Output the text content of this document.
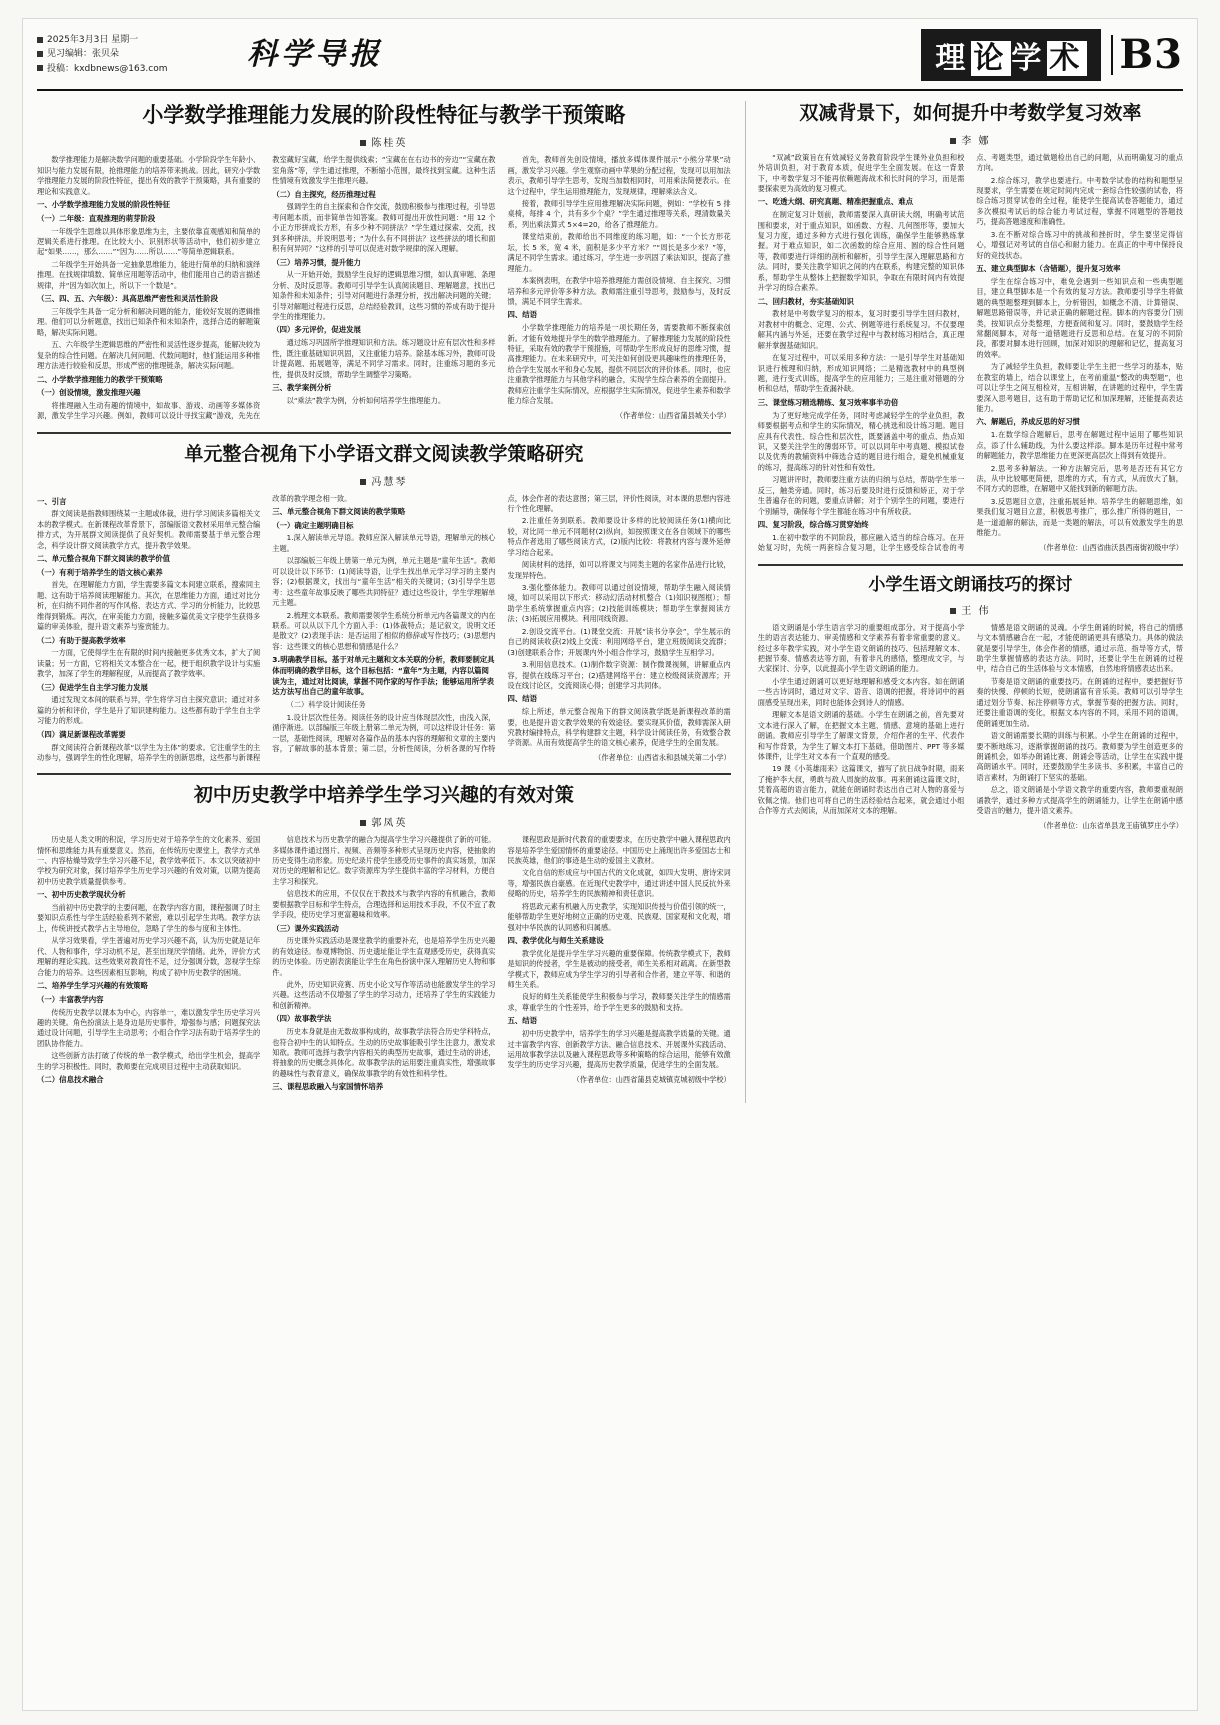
2025年3月3日 星期一
见习编辑：张贝朵
投稿：kxdbnews@163.com	科学导报	理论学术 B3
小学数学推理能力发展的阶段性特征与教学干预策略
陈桂英

数学推理能力是解决数学问题的重要基础。小学阶段学生年龄小、知识与能力发展有限，抢推理能力的培养带来挑战。因此，研究小学数学推理能力发展的阶段性特征，提出有效的教学干预策略，具有重要的理论和实践意义。

一、小学数学推理能力发展的阶段性特征

（一）二年级：直观推理的萌芽阶段

一年级学生思维以具体形象思维为主，主要依靠直观感知和简单的逻辑关系进行推理。在比较大小、识别形状等活动中，他们初步建立起“如果……，那么……”“因为……所以……”等简单逻辑联系。

二年级学生开始具备一定抽象思维能力，能进行简单的归纳和演绎推理。在找规律填数、简单应用题等活动中，他们能用自己的语言描述规律，并“因为如次加上，所以下一个数是”。

（三、四、五、六年级）：具高思维严密性和灵活性阶段

三年级学生具备一定分析和解决问题的能力，能较好发展的逻辑推理。他们可以分析题意，找出已知条件和未知条件，选择合适的解题策略，解决实际问题。

五、六年级学生逻辑思维的严密性和灵活性逐步提高，能解决较为复杂的综合性问题。在解决几何问题、代数问题时，他们能运用多种推理方法进行较验和反思，形成严密的推理链条，解决实际问题。

二、小学数学推理能力的教学干预策略

（一）创设情境，激发推理兴趣

将推理融入生动有趣的情境中，如故事、游戏、动画等多媒体资源，激发学生学习兴趣。例如，教师可以设计寻找宝藏”游戏，先先在教室藏好宝藏，给学生提供线索；“宝藏在在右边书的旁边”“宝藏在教室角落”等，学生通过推理，不断缩小范围，最终找到宝藏。这种生活性情境有效激发学生推理兴趣。

（二）自主探究，经历推理过程

强调学生的自主探索和合作交流，鼓励积极参与推理过程，引导思考问题本质，而非简单告知答案。教师可提出开放性问题：“用 12 个小正方形拼成长方形，有多少种不同拼法？”学生通过探索、交流，找到多种拼法，并说明思考；“为什么有不同拼法？这些拼法的增长和面积有何异同？”这样的引导可以促进对数学规律的深入理解。

（三）培养习惯，提升能力

从一开始开始，鼓励学生良好的逻辑思维习惯，如认真审题、条理分析、及时反思等。教师可引导学生认真阅读题目、理解题意，找出已知条件和未知条件；引导对问题进行条理分析，找出解决问题的关键；引导对解题过程进行反思，总结经验教训，这些习惯的养成有助于提升学生的推理能力。

（四）多元评价，促进发展

通过练习巩固所学推理知识和方法。练习题设计应有层次性和多样性，既注重基础知识巩固，又注重能力培养。除基本练习外，教师可设计提高题、拓展题等，满足不同学习需求。同时，注重练习题的多元性，提供及时反馈，帮助学生调整学习策略。

三、教学案例分析

以“乘法”教学为例，分析如何培养学生推理能力。

首先，教师首先创设情境，播放多媒体课件展示“小熊分苹果”动画，激发学习兴趣。学生观察动画中苹果的分配过程，发现可以用加法表示，教师引导学生思考，发现当加数相同时，可用乘法简便表示。在这个过程中，学生运用推理能力，发现规律，理解乘法含义。

接着，教师引导学生应用推理解决实际问题，例如：“学校有 5 排桌椅，每排 4 个，共有多少个桌？”学生通过推理等关系，理清数量关系，列出乘法算式 5×4=20，给各了推理能力。

课堂结束前，教师给出不同维度的练习题，如：“一个长方形花坛，长 5 米，宽 4 米，面积是多少平方米？”“周长是多少米？”等，满足不同学生需求。通过练习，学生进一步巩固了乘法知识，提高了推理能力。

本案例表明，在教学中培养推理能力需创设情境、自主探究、习惯培养和多元评价等多种方法。教师需注重引导思考，鼓励参与，及时反馈，满足不同学生需求。

四、结语

小学数学推理能力的培养是一项长期任务，需要教师不断探索创新。才能有效地提升学生的数学推理能力。了解推理能力发展的阶段性特征，采取有效的教学干预措施，可帮助学生形成良好的思维习惯，提高推理能力。在未来研究中，可关注如何创设更具趣味性的推理任务，给合学生发展水平和身心发展，提供不同层次的评价体系。同时，也应注重教学推理能力与其他学科的融合，实现学生综合素养的全面提升。教师应注重学生实际情况，应根据学生实际情况，促进学生素养和数学能力综合发展。

（作者单位：山西省蒲县城关小学）

单元整合视角下小学语文群文阅读教学策略研究
冯慧琴

一、引言

群文阅读是指教师围绕某一主题或体裁，进行学习阅读多篇相关文本的教学模式。在新课程改革背景下，部编版语文教材采用单元整合编排方式，为开展群文阅读提供了良好契机。教师需要基于单元整合理念，科学设计群文阅读教学方式，提升教学效果。

二、单元整合视角下群文阅读的教学价值

（一）有利于培养学生的语文核心素养

首先，在理解能力方面，学生需要多篇文本间建立联系，搜索同主题、这有助于培养阅读理解能力。其次，在思维能力方面，通过对比分析，在归纳不同作者的写作风格、表达方式、学习的分析能力，比较思维得到锻炼。再次，在审美能力方面，接触多篇优美文字使学生获得多篇的审美体验，提升语文素养与鉴赏能力。

（二）有助于提高教学效率

一方面，它使得学生在有限的时间内接触更多优秀文本，扩大了阅读量；另一方面，它将相关文本整合在一起，便于组织教学设计与实施教学，加深了学生的理解程度，从而提高了教学效率。

（三）促进学生自主学习能力发展

通过发现文本间的联系与异，学生将学习自主探究意识；通过对多篇的分析和评价，学生是升了知识建构能力。这些都有助于学生自主学习能力的形成。

（四）满足新课程改革需要

群文阅读符合新课程改革“以学生为主体”的要求。它注重学生的主动参与，强调学生的性化理解，培养学生的创新思维，这些都与新课程改革的教学理念相一致。

三、单元整合视角下群文阅读的教学策略

（一）确定主题明确目标

1.深入解读单元导语。教师应深入解读单元导语，理解单元的核心主题。

以部编版三年级上册第一单元为例，单元主题是“童年生活”。教师可以设计以下环节：(1)阅读导语，让学生找出单元学习学习的主要内容；(2)根据课文，找出与“童年生活”相关的关键词；(3)引导学生思考：这些童年故事反映了哪些共同特征？通过这些设计，学生学理解单元主题。

2.梳理文本联系。教师需要领学生系统分析单元内各篇课文的内在联系。可以从以下几个方面入手：(1)体裁特点；是记叙文，说明文还是散文？(2)表现手法：是否运用了相似的修辞或写作技巧；(3)思想内容：这些课文的核心思想和情感是什么？

3.明确教学目标。基于对单元主题和文本关联的分析，教师要制定具体而明确的教学目标，这个目标包括：“童年”为主题，内容以篇阅读为主，通过对比阅读，掌握不同作家的写作手法；能够运用所学表达方法写出自己的童年故事。

（二）科学设计阅读任务

1.设计层次性任务。阅读任务的设计应当体现层次性，由浅入深，循序渐进。以部编版三年级上册第二单元为例，可以这样设计任务：第一层，基础性阅读，理解对各篇作品的基本内容的理解和文章的主要内容，了解故事的基本背景；第二层，分析性阅读，分析各课的写作特点，体会作者的表达意图；第三层，评价性阅读，对本课的思想内容进行个性化理解。

2.注重任务到联系。教师要设计多样的比较阅读任务(1)横向比较，对比同一单元不同题材(2)纵向，如按照课文在各自领域下的哪些特点作者选用了哪些阅读方式，(2)版内比较：将教材内容与课外延伸学习结合起来。

阅读材料的选择，如可以将课文与同类主题的名家作品进行比较，发现异特色。

3.强化整体能力。教师可以通过创设情境，帮助学生融入阅读情境，如可以采用以下形式：移动幻活动材机整合（1)知识视图框）；帮助学生系统掌握重点内容；(2)技能训练模块；帮助学生掌握阅读方法；(3)拓展应用模块。利用同线资源。

2.创设交流平台。(1)课堂交流：开展“读书分享会”，学生展示的自己的阅读收获(2)线上交流：利用网络平台，建立班级阅读交流群；(3)创建联系合作；开展课内外小组合作学习，鼓励学生互相学习。

3.利用信息技术。(1)制作数字资源：制作微课视频，讲解重点内容，提供在线练习平台；(2)搭建网络平台：建立校级阅读资源库；开设在线讨论区，交流阅读心得；创建学习共同体。

四、结语

综上所述，单元整合视角下的群文阅读教学既是新课程改革的需要，也是提升语文教学效果的有效途径。要实现其价值，教师需深入研究教材编排特点，科学构建群文主题，科学设计阅读任务，有效整合教学资源。从而有效提高学生的语文核心素养，促进学生的全面发展。

（作者单位：山西省永和县城关第二小学）

初中历史教学中培养学生学习兴趣的有效对策
郭凤英

历史是人类文明的积淀，学习历史对于培养学生的文化素养、爱国情怀和思维能力具有重要意义。然而，在传统历史课堂上，教学方式单一、内容枯燥导致学生学习兴趣不足，教学效率低下。本文以突破初中学校为研究对象，探讨培养学生历史学习兴趣的有效对策，以期为提高初中历史教学质量提供参考。

一、初中历史教学现状分析

当前初中历史教学的主要问题，在教学内容方面，课程强调了时主要知识点系性与学生活经验系列不紧密，难以引起学生共鸣。教学方法上，传统讲授式教学占主导地位，忽略了学生的参与度和主体性。

从学习效果看，学生普遍对历史学习兴趣不高，认为历史就是记年代、人物和事件，学习动机不足，甚至出现厌学情绪。此外，评价方式理解的理论实践。这些效果对教育性不足，过分强调分数，忽视学生综合能力的培养。这些因素相互影响，构成了初中历史教学的困境。

二、培养学生学习兴趣的有效策略

（一）丰富教学内容

传统历史教学以课本为中心，内容单一，难以激发学生历史学习兴趣的关键。角色扮演法上是身边是历史事件，增强参与感；问题探究法通过设计问题，引导学生主动思考；小组合作学习法有助于培养学生的团队协作能力。

这些创新方法打破了传统的单一教学模式，给出学生机会，提高学生的学习积极性。同时，教师要在完成项目过程中主动获取知识。

（二）信息技术融合

信息技术与历史教学的融合为提高学生学习兴趣提供了新的可能。多媒体课件通过图片、视频、音频等多种形式呈现历史内容，使抽象的历史变得生动形象。历史纪录片使学生感受历史事件的真实场景，加深对历史的理解和记忆。数字资源库为学生提供丰富的学习材料，方便自主学习和探究。

信息技术的应用，不仅仅在于教技术与教学内容的有机融合，教师要根据教学目标和学生特点，合理选择和运用技术手段，不仅不宜了教学手段，使历史学习更富趣味和效率。

（三）课外实践活动

历史课外实践活动是课堂教学的重要补充，也是培养学生历史兴趣的有效途径。参观博物馆、历史遗址能让学生直观感受历史，获得真实的历史体验。历史剧表演能让学生在角色扮演中深入理解历史人物和事件。

此外，历史知识竞赛、历史小论文写作等活动也能激发学生的学习兴趣。这些活动不仅增强了学生的学习动力，还培养了学生的实践能力和创新精神。

（四）故事教学法

历史本身就是由无数故事构成的，故事教学法符合历史学科特点，也符合初中生的认知特点。生动的历史故事能吸引学生注意力，激发求知欲。教师可选择与教学内容相关的典型历史故事，通过生动的讲述，将抽象的历史概念具体化。故事教学法的运用要注重真实性，增强故事的趣味性与教育意义，确保故事教学的有效性和科学性。

三、课程思政融入与家国情怀培养

课程思政是新时代教育的重要要求，在历史教学中融入课程思政内容是培养学生爱国情怀的重要途径。中国历史上涌现出许多爱国志士和民族英雄，他们的事迹是生动的爱国主义教材。

文化自信的形成应与中国古代的文化成就，如四大发明、唐诗宋词等，增强民族自豪感。在近现代史教学中，通过讲述中国人民反抗外来侵略的历史，培养学生的民族精神和责任意识。

将思政元素有机融入历史教学，实现知识传授与价值引领的统一，能够帮助学生更好地树立正确的历史观、民族观、国家观和文化观，增强对中华民族的认同感和归属感。

四、教学优化与师生关系建设

教学优化是提升学生学习兴趣的重要保障。传统教学模式下，教师是知识的传授者，学生是被动的接受者，师生关系相对疏离。在新型教学模式下，教师应成为学生学习的引导者和合作者，建立平等、和谐的师生关系。

良好的师生关系能使学生积极参与学习，教师要关注学生的情感需求，尊重学生的个性差异，给予学生更多的鼓励和支持。

五、结语

初中历史教学中，培养学生的学习兴趣是提高教学质量的关键。通过丰富教学内容、创新教学方法、融合信息技术、开展课外实践活动、运用故事教学法以及融入课程思政等多种策略的综合运用，能够有效激发学生的历史学习兴趣，提高历史教学质量，促进学生的全面发展。

（作者单位：山西省蒲县克城镇克城初级中学校）

双减背景下，如何提升中考数学复习效率
李 娜

“双减”政策旨在有效减轻义务教育阶段学生课外业负担和校外培训负担，对于教育本质，促进学生全面发展。在这一背景下，中考数学复习不能再依赖题海战术和长时间的学习，而是需要探索更为高效的复习模式。

一、吃透大纲、研究真题、精准把握重点、难点

在制定复习计划前，教师需要深入真研读大纲，明确考试范围和要求，对于重点知识，如函数、方程、几何图形等，要加大复习力度，通过多种方式进行强化训练，确保学生能够熟练掌握。对于难点知识，如二次函数的综合应用、圆的综合性问题等，教师要进行详细的剖析和解析，引导学生深入理解思路和方法。同时，要关注教学知识之间的内在联系，构建完整的知识体系，帮助学生从整体上把握数学知识，争取在有限时间内有效提升学习的综合素养。

二、回归教材，夯实基础知识

教材是中考数学复习的根本，复习时要引导学生回归教材，对教材中的概念、定理、公式、例题等进行系统复习。不仅要理解其内涵与外延，还要在教学过程中与教材练习相结合，真正理解并掌握基础知识。

在复习过程中，可以采用多种方法：一是引导学生对基础知识进行梳理和归纳，形成知识网络；二是精选教材中的典型例题，进行变式训练，提高学生的应用能力；三是注重对错题的分析和总结，帮助学生查漏补缺。

三、课堂练习精选精练、复习效率事半功倍

为了更好地完成学任务，同时考虑减轻学生的学业负担，教师要根据考点和学生的实际情况，精心挑选和设计练习题。题目应具有代表性、综合性和层次性，既要涵盖中考的重点、热点知识，又要关注学生的薄弱环节。可以以同年中考真题、模拟试卷以及优秀的教辅资料中筛选合适的题目进行组合，避免机械重复的练习，提高练习的针对性和有效性。

习题讲评时，教师要注重方法的归纳与总结，帮助学生举一反三，触类旁通。同时，练习后要及时进行反馈和矫正，对于学生普遍存在的问题，要重点讲解；对于个别学生的问题，要进行个别辅导，确保每个学生都能在练习中有所收获。

四、复习阶段，综合练习贯穿始终

1.在初中数学的不同阶段，都应融入适当的综合练习。在开始复习时，先统一两套综合复习题，让学生感受综合试卷的考点、考题类型，通过做题检出自己的问题，从而明确复习的重点方向。

2.综合练习，教学也要进行。中考数学试卷的结构和题型呈现要求，学生需要在规定时间内完成一套综合性较强的试卷，将综合练习贯穿试卷的全过程，能使学生提高试卷答题能力，通过多次模拟考试后的综合能力考试过程，掌握不同题型的答题技巧，提高答题速度和准确性。

3.在不断对综合练习中的挑战和挫折时，学生要坚定得信心，增强记对考试的自信心和耐力能力。在真正的中考中保持良好的竞技状态。

五、建立典型脚本（含错题），提升复习效率

学生在综合练习中，难免会遇到一些知识点和一些典型题目，建立典型脚本是一个有效的复习方法。教师要引导学生将做题的典型题整理到脚本上，分析错因，如概念不清、计算错误、解题思路错误等，并记录正确的解题过程。脚本的内容要分门别类，按知识点分类整理，方便查阅和复习。同时，要鼓励学生经常翻阅脚本，对每一道错题进行反思和总结。在复习的不同阶段，都要对脚本进行回顾，加深对知识的理解和记忆，提高复习的效率。

为了减轻学生负担，教师要让学生主把一些学习的基本，贴在教室的墙上，结合以课堂上，在考前重温“整改的典型题”，也可以让学生之间互相检对，互相讲解，在讲题的过程中，学生需要深入思考题目，这有助于帮助记忆和加深理解，还能提高表达能力。

六、解题后，养成反思的好习惯

1.在数学综合题解后，思考在解题过程中运用了哪些知识点，添了什么辅助线，为什么要这样添。脚本是历年过程中常考的解题能力，教学思维能力在更深更高层次上得到有效提升。

2.思考多种解法。一种方法解完后，思考是否还有其它方法，从中比较哪更简便，思维的方式，有方式，从而放大了脑，不同方式的思维，在解题中又能找到新的解题方法。

3.反思题目立意，注重拓展延伸。培养学生的解题思维，如果我们复习题目立意，积极思考推广，那么推广所得的题目，一是一道道解的解法，而是一类题的解法，可以有效激发学生的思维能力。

（作者单位：山西省曲沃县西南街初级中学）

小学生语文朗诵技巧的探讨
王 伟

语文朗诵是小学生语言学习的重要组成部分。对于提高小学生的语言表达能力、审美情感和文学素养有着非常重要的意义。经过多年教学实践，对小学生语文朗诵的技巧、包括理解文本、把握节奏、情感表达等方面，有着非凡的感悟，整理成文字，与大家探讨、分享，以此提高小学生语文朗诵的能力。

小学生通过朗诵可以更好地理解和感受文本内容。如在朗诵一些古诗词时，通过对文字、语音、语调的把握，将诗词中的画面感受呈现出来，同时也能体会到诗人的情感。

理解文本是语文朗诵的基础。小学生在朗诵之前，首先要对文本进行深入了解，在把握文本主题、情感、意境的基础上进行朗诵。教师应引导学生了解课文背景，介绍作者的生平、代表作和写作背景，为学生了解文本打下基础，借助图片、PPT 等多媒体课件，让学生对文本有一个直观的感受。

19 课《小英雄雨来》这篇课文，描写了抗日战争时期，雨来了掩护李大叔，勇敢与敌人周旋的故事。再来朗诵这篇课文时，凭着高超的语言能力，就能在朗诵时表达出自己对人物的喜爱与钦佩之情。他们也可将自己的生活经验结合起来，就会通过小组合作等方式去阅读，从而加深对文本的理解。

情感是语文朗诵的灵魂。小学生朗诵的时候，将自己的情感与文本情感融合在一起，才能使朗诵更具有感染力。具体的做法就是要引导学生，体会作者的情感，通过示范、指导等方式，帮助学生掌握情感的表达方法。同时，还要让学生在朗诵的过程中，结合自己的生活体验与文本情感，自然地将情感表达出来。

节奏是语文朗诵的重要技巧。在朗诵的过程中，要把握好节奏的快慢、停顿的长短，使朗诵富有音乐美。教师可以引导学生通过划分节奏、标注停顿等方式，掌握节奏的把握方法。同时，还要注重语调的变化，根据文本内容的不同，采用不同的语调，使朗诵更加生动。

语文朗诵需要长期的训练与积累。小学生在朗诵的过程中，要不断地练习，逐渐掌握朗诵的技巧。教师要为学生创造更多的朗诵机会，如举办朗诵比赛、朗诵会等活动，让学生在实践中提高朗诵水平。同时，还要鼓励学生多读书、多积累，丰富自己的语言素材，为朗诵打下坚实的基础。

总之，语文朗诵是小学语文教学的重要内容，教师要重视朗诵教学，通过多种方式提高学生的朗诵能力，让学生在朗诵中感受语言的魅力，提升语文素养。

（作者单位：山东省单县龙王庙镇罗庄小学）
